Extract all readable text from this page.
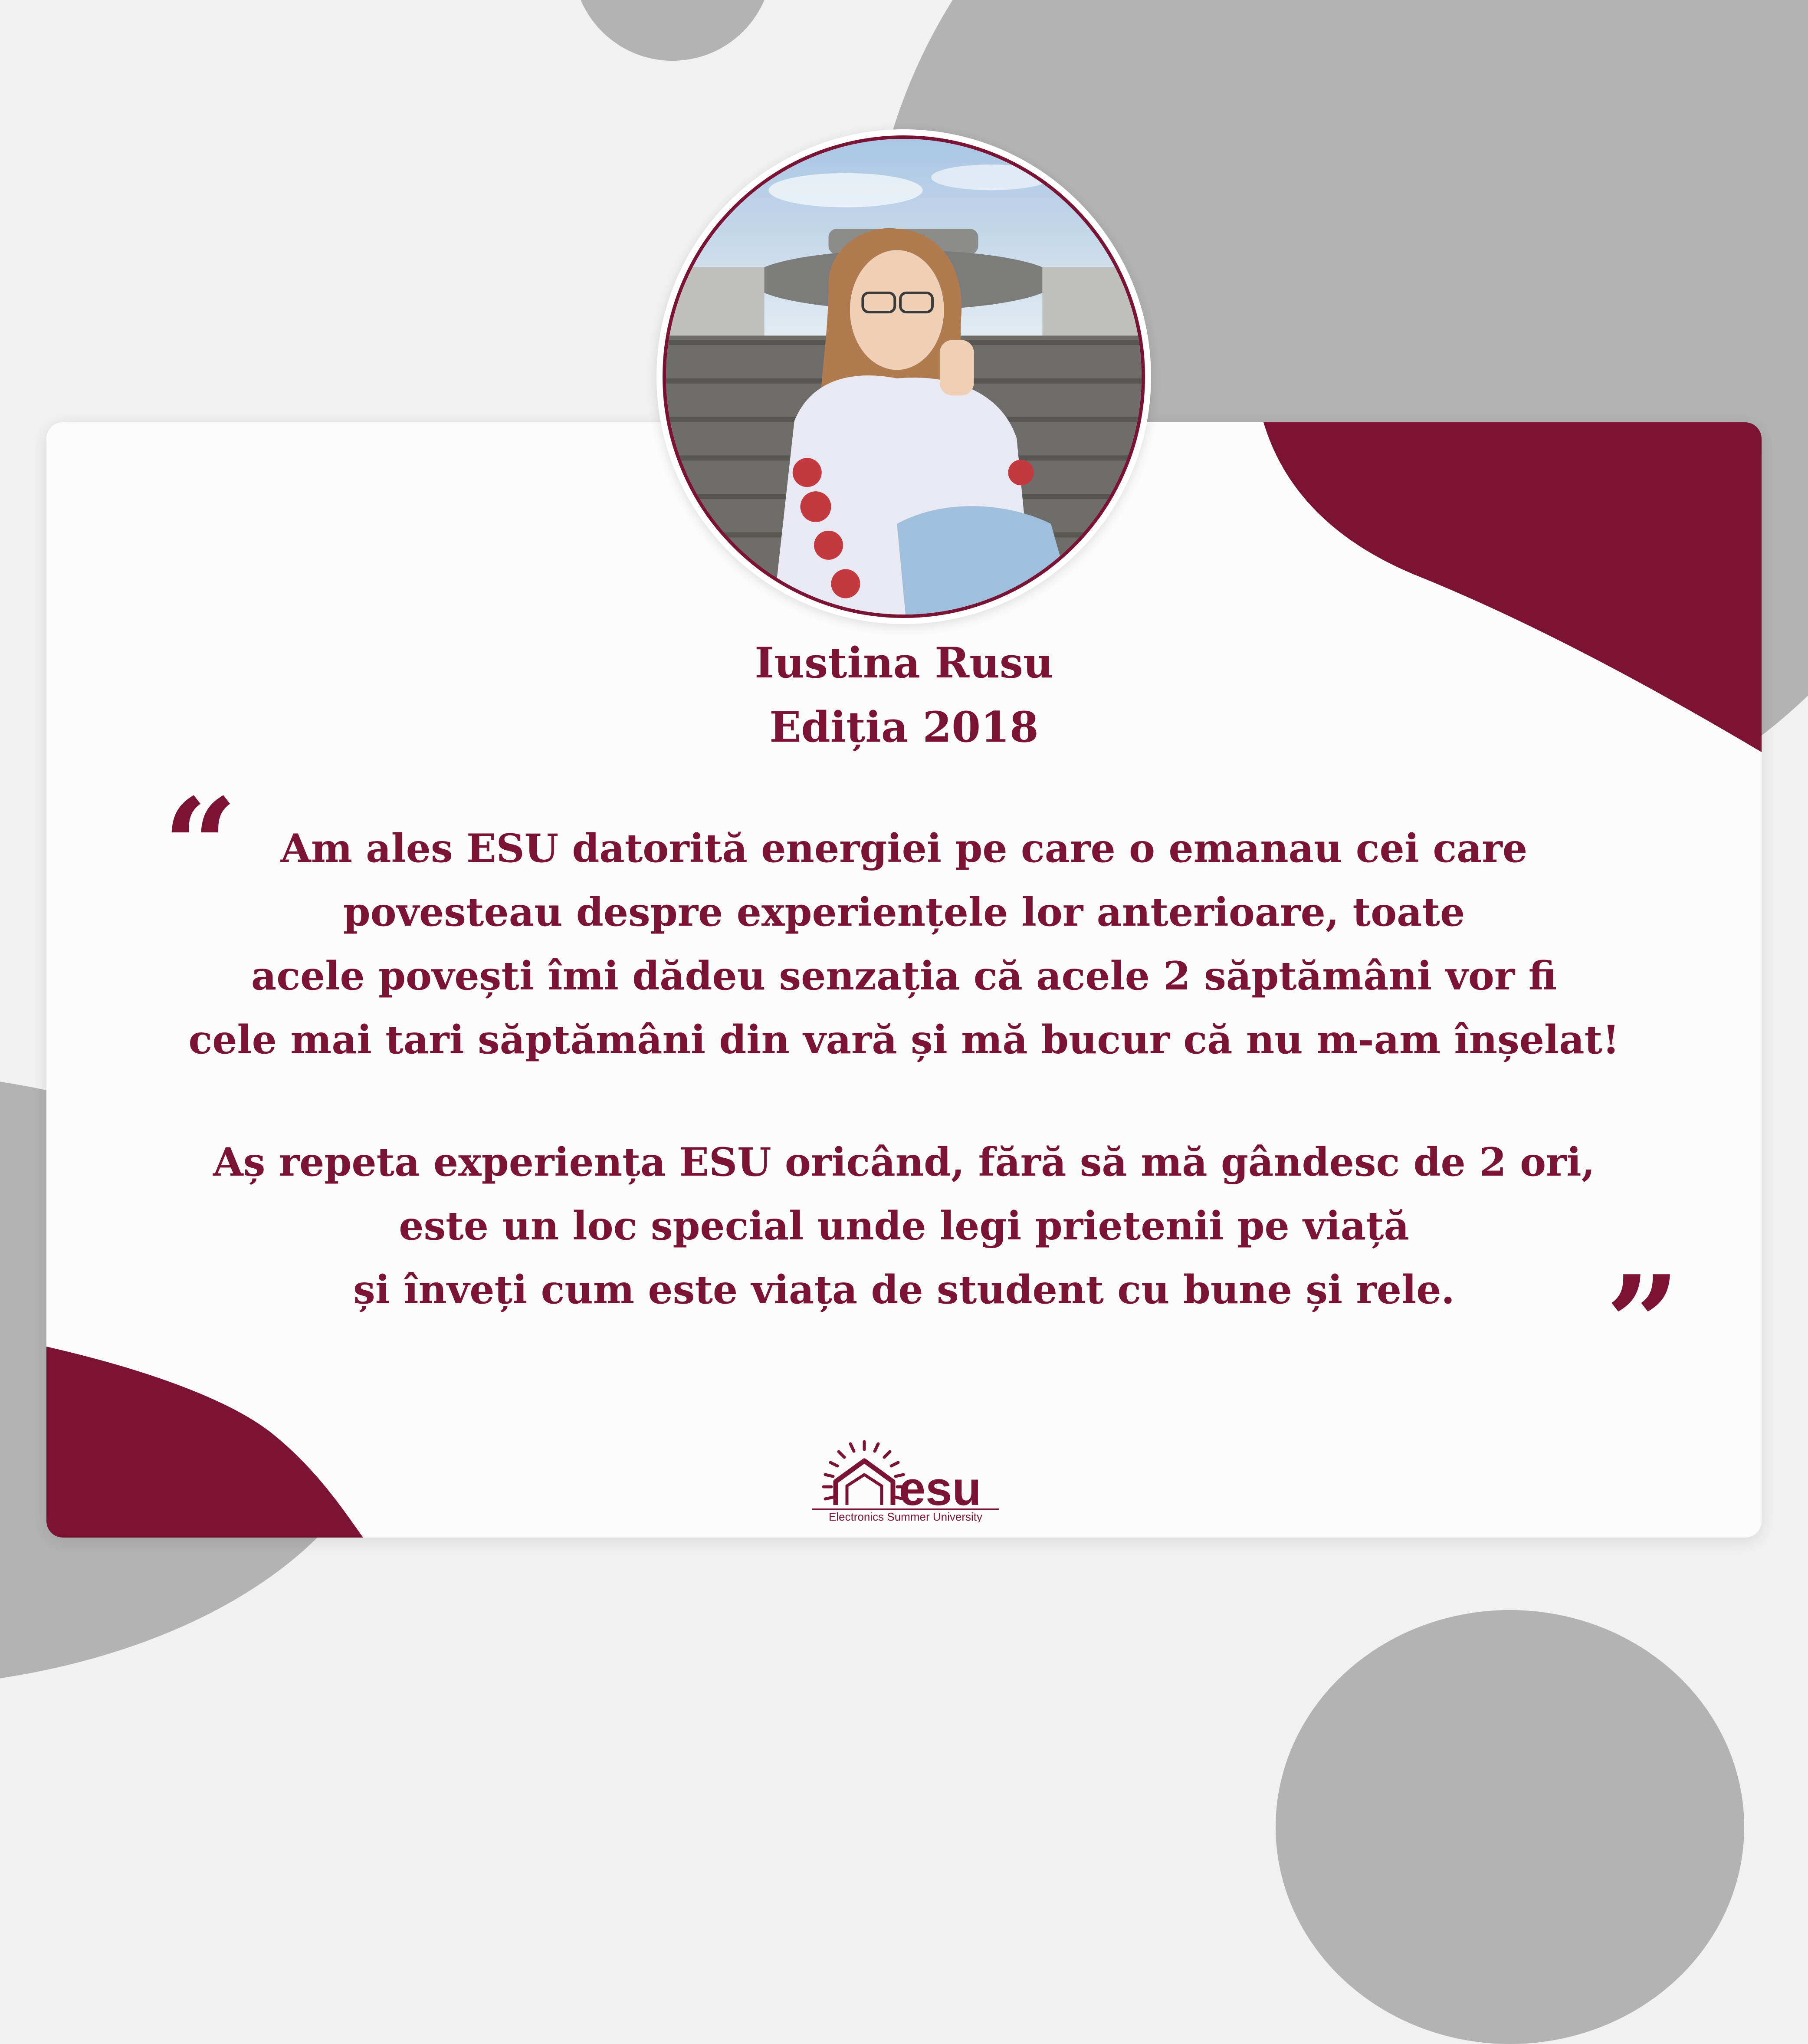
Iustina Rusu

Ediția 2018

“	Am ales ESU datorită energiei pe care o emanau cei care

povesteau despre experiențele lor anterioare, toate

acele povești îmi dădeu senzația că acele 2 săptămâni vor fi

cele mai tari săptămâni din vară și mă bucur că nu m-am înșelat!

Aș repeta experiența ESU oricând, fără să mă gândesc de 2 ori,

este un loc special unde legi prietenii pe viață

și înveți cum este viața de student cu bune și rele.	”
esu
Electronics Summer University
